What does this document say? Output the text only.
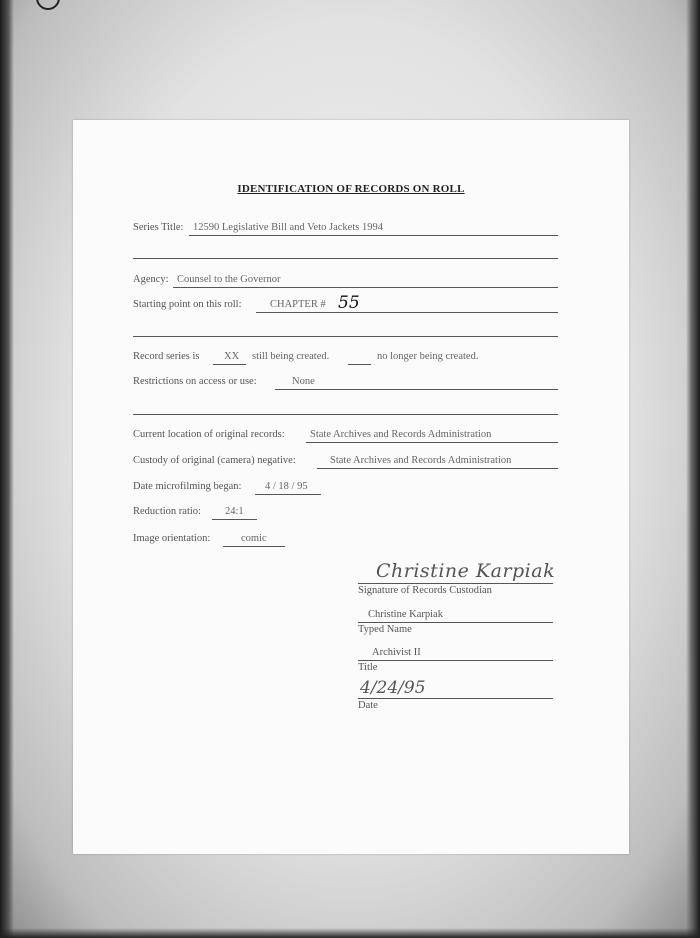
IDENTIFICATION OF RECORDS ON ROLL
Series Title: 12590 Legislative Bill and Veto Jackets 1994
Agency: Counsel to the Governor
Starting point on this roll:	CHAPTER # 55
Record series is XX still being created.	no longer being created.
Restrictions on access or use:	None
Current location of original records: State Archives and Records Administration
Custody of original (camera) negative:	State Archives and Records Administration
Date microfilming began: 4 / 18 / 95
Reduction ratio: 24:1
Image orientation:	comic
Christine Karpiak
Signature of Records Custodian
Christine Karpiak
Typed Name
Archivist II
Title
4/24/95
Date
